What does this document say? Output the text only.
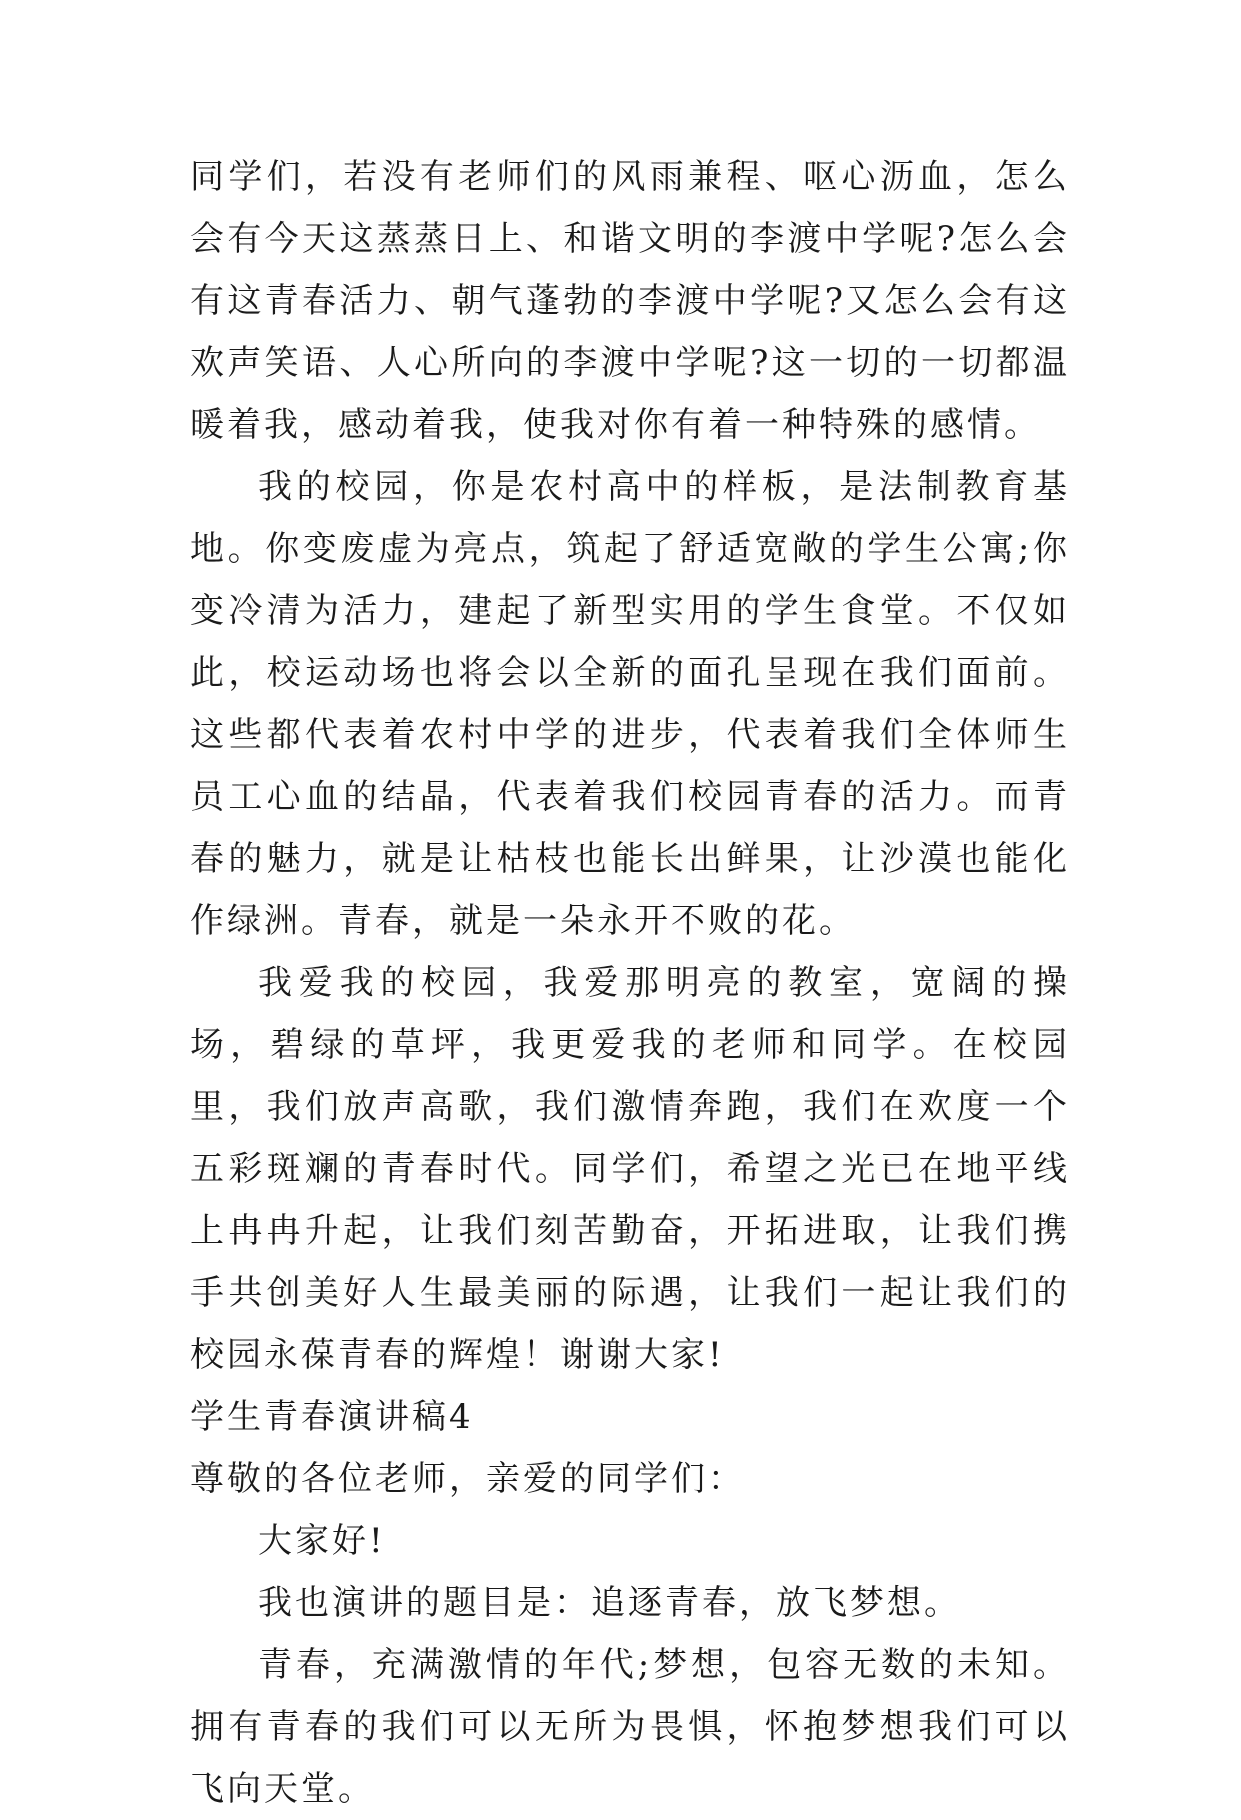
同学们，若没有老师们的风雨兼程、呕心沥血，怎么会有今天这蒸蒸日上、和谐文明的李渡中学呢?怎么会有这青春活力、朝气蓬勃的李渡中学呢?又怎么会有这欢声笑语、人心所向的李渡中学呢?这一切的一切都温暖着我，感动着我，使我对你有着一种特殊的感情。

我的校园，你是农村高中的样板，是法制教育基地。你变废虚为亮点，筑起了舒适宽敞的学生公寓;你变冷清为活力，建起了新型实用的学生食堂。不仅如此，校运动场也将会以全新的面孔呈现在我们面前。这些都代表着农村中学的进步，代表着我们全体师生员工心血的结晶，代表着我们校园青春的活力。而青春的魅力，就是让枯枝也能长出鲜果，让沙漠也能化作绿洲。青春，就是一朵永开不败的花。

我爱我的校园，我爱那明亮的教室，宽阔的操场，碧绿的草坪，我更爱我的老师和同学。在校园里，我们放声高歌，我们激情奔跑，我们在欢度一个五彩斑斓的青春时代。同学们，希望之光已在地平线上冉冉升起，让我们刻苦勤奋，开拓进取，让我们携手共创美好人生最美丽的际遇，让我们一起让我们的校园永葆青春的辉煌！谢谢大家!

学生青春演讲稿4

尊敬的各位老师，亲爱的同学们：

大家好!

我也演讲的题目是：追逐青春，放飞梦想。

青春，充满激情的年代;梦想，包容无数的未知。拥有青春的我们可以无所为畏惧，怀抱梦想我们可以飞向天堂。
